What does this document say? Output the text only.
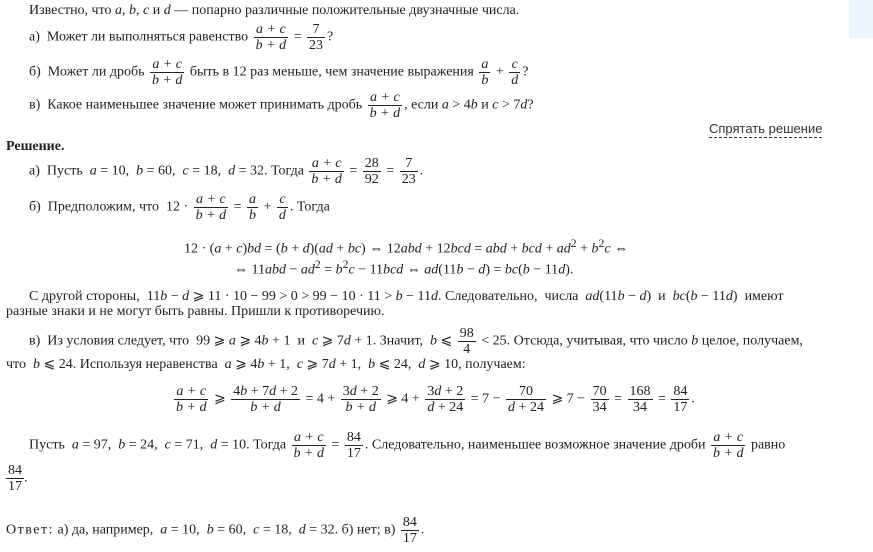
Известно, что a, b, c и d — попарно различные положительные двузначные числа.
а)  Может ли выполняться равенство $\frac{a + c}{b + d} = \frac{7}{23}$ ?
б)  Может ли дробь $\frac{a + c}{b + d}$ быть в 12 раз меньше, чем значение выражения $\frac{a}{b} + \frac{c}{d}$ ?
в)  Какое наименьшее значение может принимать дробь $\frac{a + c}{b + d}$ , если a > 4b и c > 7d?
Спрятать решение
Решение.
а)  Пусть  a = 10,  b = 60,  c = 18,  d = 32. Тогда $\frac{a + c}{b + d} = \frac{28}{92} = \frac{7}{23}$ .
б)  Предположим, что  $12 \cdot \frac{a + c}{b + d} = \frac{a}{b} + \frac{c}{d}$ . Тогда
12 · (a + c)bd = (b + d)(ad + bc) ⇔ 12abd + 12bcd = abd + bcd + $ad^2 + b^2c$ ⇔
⇔ $11abd - ad^2 = b^2c - 11bcd$ ⇔ ad(11b − d) = bc(b − 11d).
С другой стороны,  11b − d ⩾ 11 · 10 − 99 > 0 > 99 − 10 · 11 > b − 11d. Следовательно,  числа  ad(11b − d)  и  bc(b − 11d)  имеют
разные знаки и не могут быть равны. Пришли к противоречию.
в)  Из условия следует, что  99 ⩾ a ⩾ 4b + 1  и  c ⩾ 7d + 1. Значит,  b ⩽ $\frac{98}{4} < 25$. Отсюда, учитывая, что число b целое, получаем,
что  b ⩽ 24. Используя неравенства  a ⩾ 4b + 1,  c ⩾ 7d + 1,  b ⩽ 24,  d ⩾ 10, получаем:
$\frac{a + c}{b + d}$ ⩾ $\frac{4b + 7d + 2}{b + d} = 4 + \frac{3d + 2}{b + d}$ ⩾ $4 + \frac{3d + 2}{d + 24} = 7 - \frac{70}{d + 24}$ ⩾ $7 - \frac{70}{34} = \frac{168}{34} = \frac{84}{17}$ .
Пусть  a = 97,  b = 24,  c = 71,  d = 10. Тогда $\frac{a + c}{b + d} = \frac{84}{17}$ . Следовательно, наименьшее возможное значение дроби $\frac{a + c}{b + d}$ равно
$\frac{84}{17}$ .
Ответ: а) да, например,  a = 10,  b = 60,  c = 18,  d = 32. б) нет; $в) \frac{84}{17}$ .
